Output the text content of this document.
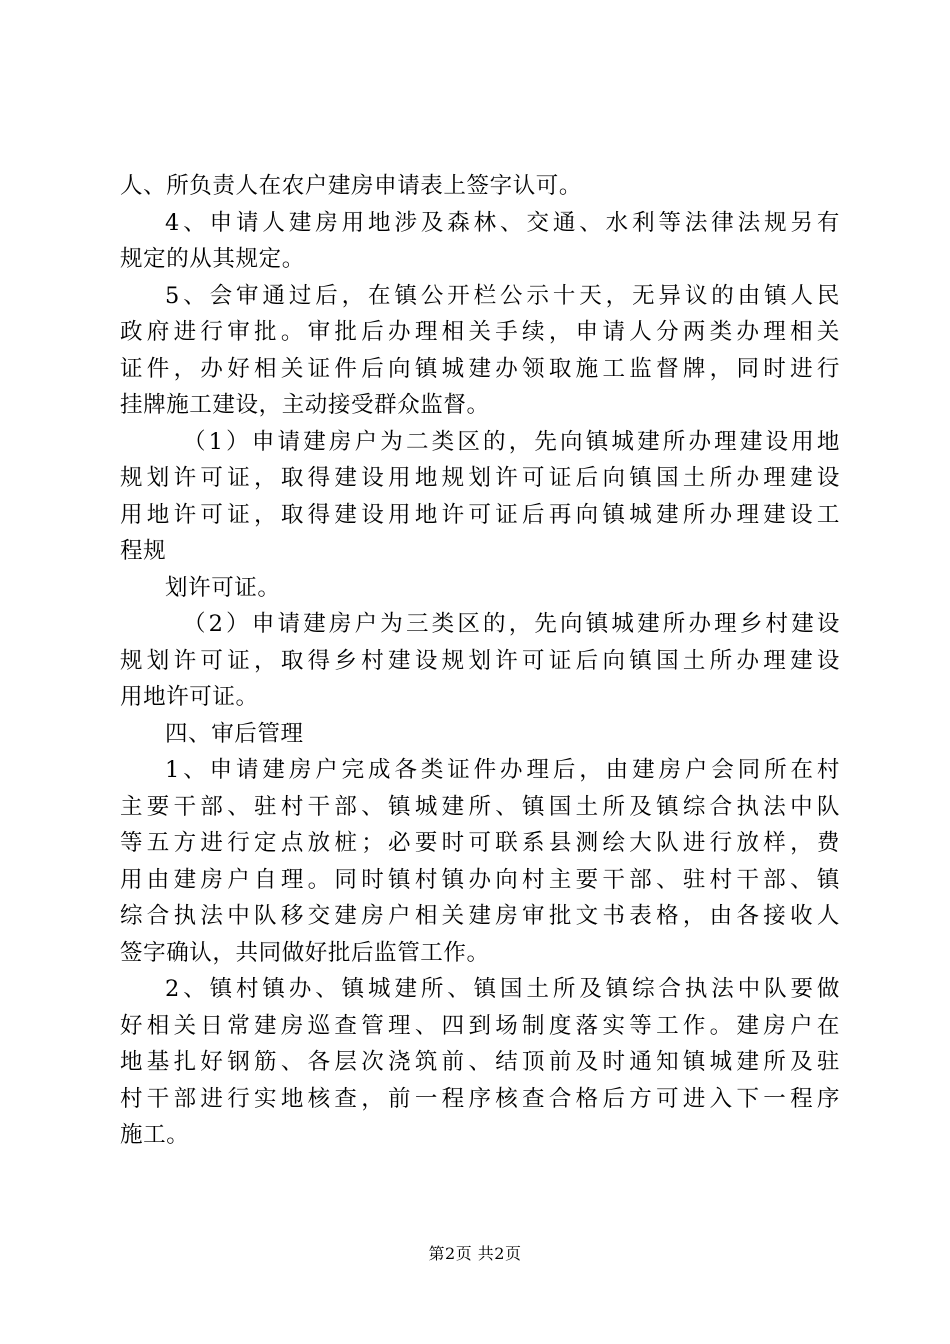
人、所负责人在农户建房申请表上签字认可。
4、申请人建房用地涉及森林、交通、水利等法律法规另有
规定的从其规定。
5、会审通过后，在镇公开栏公示十天，无异议的由镇人民
政府进行审批。审批后办理相关手续，申请人分两类办理相关
证件，办好相关证件后向镇城建办领取施工监督牌，同时进行
挂牌施工建设，主动接受群众监督。
（1）申请建房户为二类区的，先向镇城建所办理建设用地
规划许可证，取得建设用地规划许可证后向镇国土所办理建设
用地许可证，取得建设用地许可证后再向镇城建所办理建设工
程规
划许可证。
（2）申请建房户为三类区的，先向镇城建所办理乡村建设
规划许可证，取得乡村建设规划许可证后向镇国土所办理建设
用地许可证。
四、审后管理
1、申请建房户完成各类证件办理后，由建房户会同所在村
主要干部、驻村干部、镇城建所、镇国土所及镇综合执法中队
等五方进行定点放桩；必要时可联系县测绘大队进行放样，费
用由建房户自理。同时镇村镇办向村主要干部、驻村干部、镇
综合执法中队移交建房户相关建房审批文书表格，由各接收人
签字确认，共同做好批后监管工作。
2、镇村镇办、镇城建所、镇国土所及镇综合执法中队要做
好相关日常建房巡查管理、四到场制度落实等工作。建房户在
地基扎好钢筋、各层次浇筑前、结顶前及时通知镇城建所及驻
村干部进行实地核查，前一程序核查合格后方可进入下一程序
施工。
第2页 共2页
